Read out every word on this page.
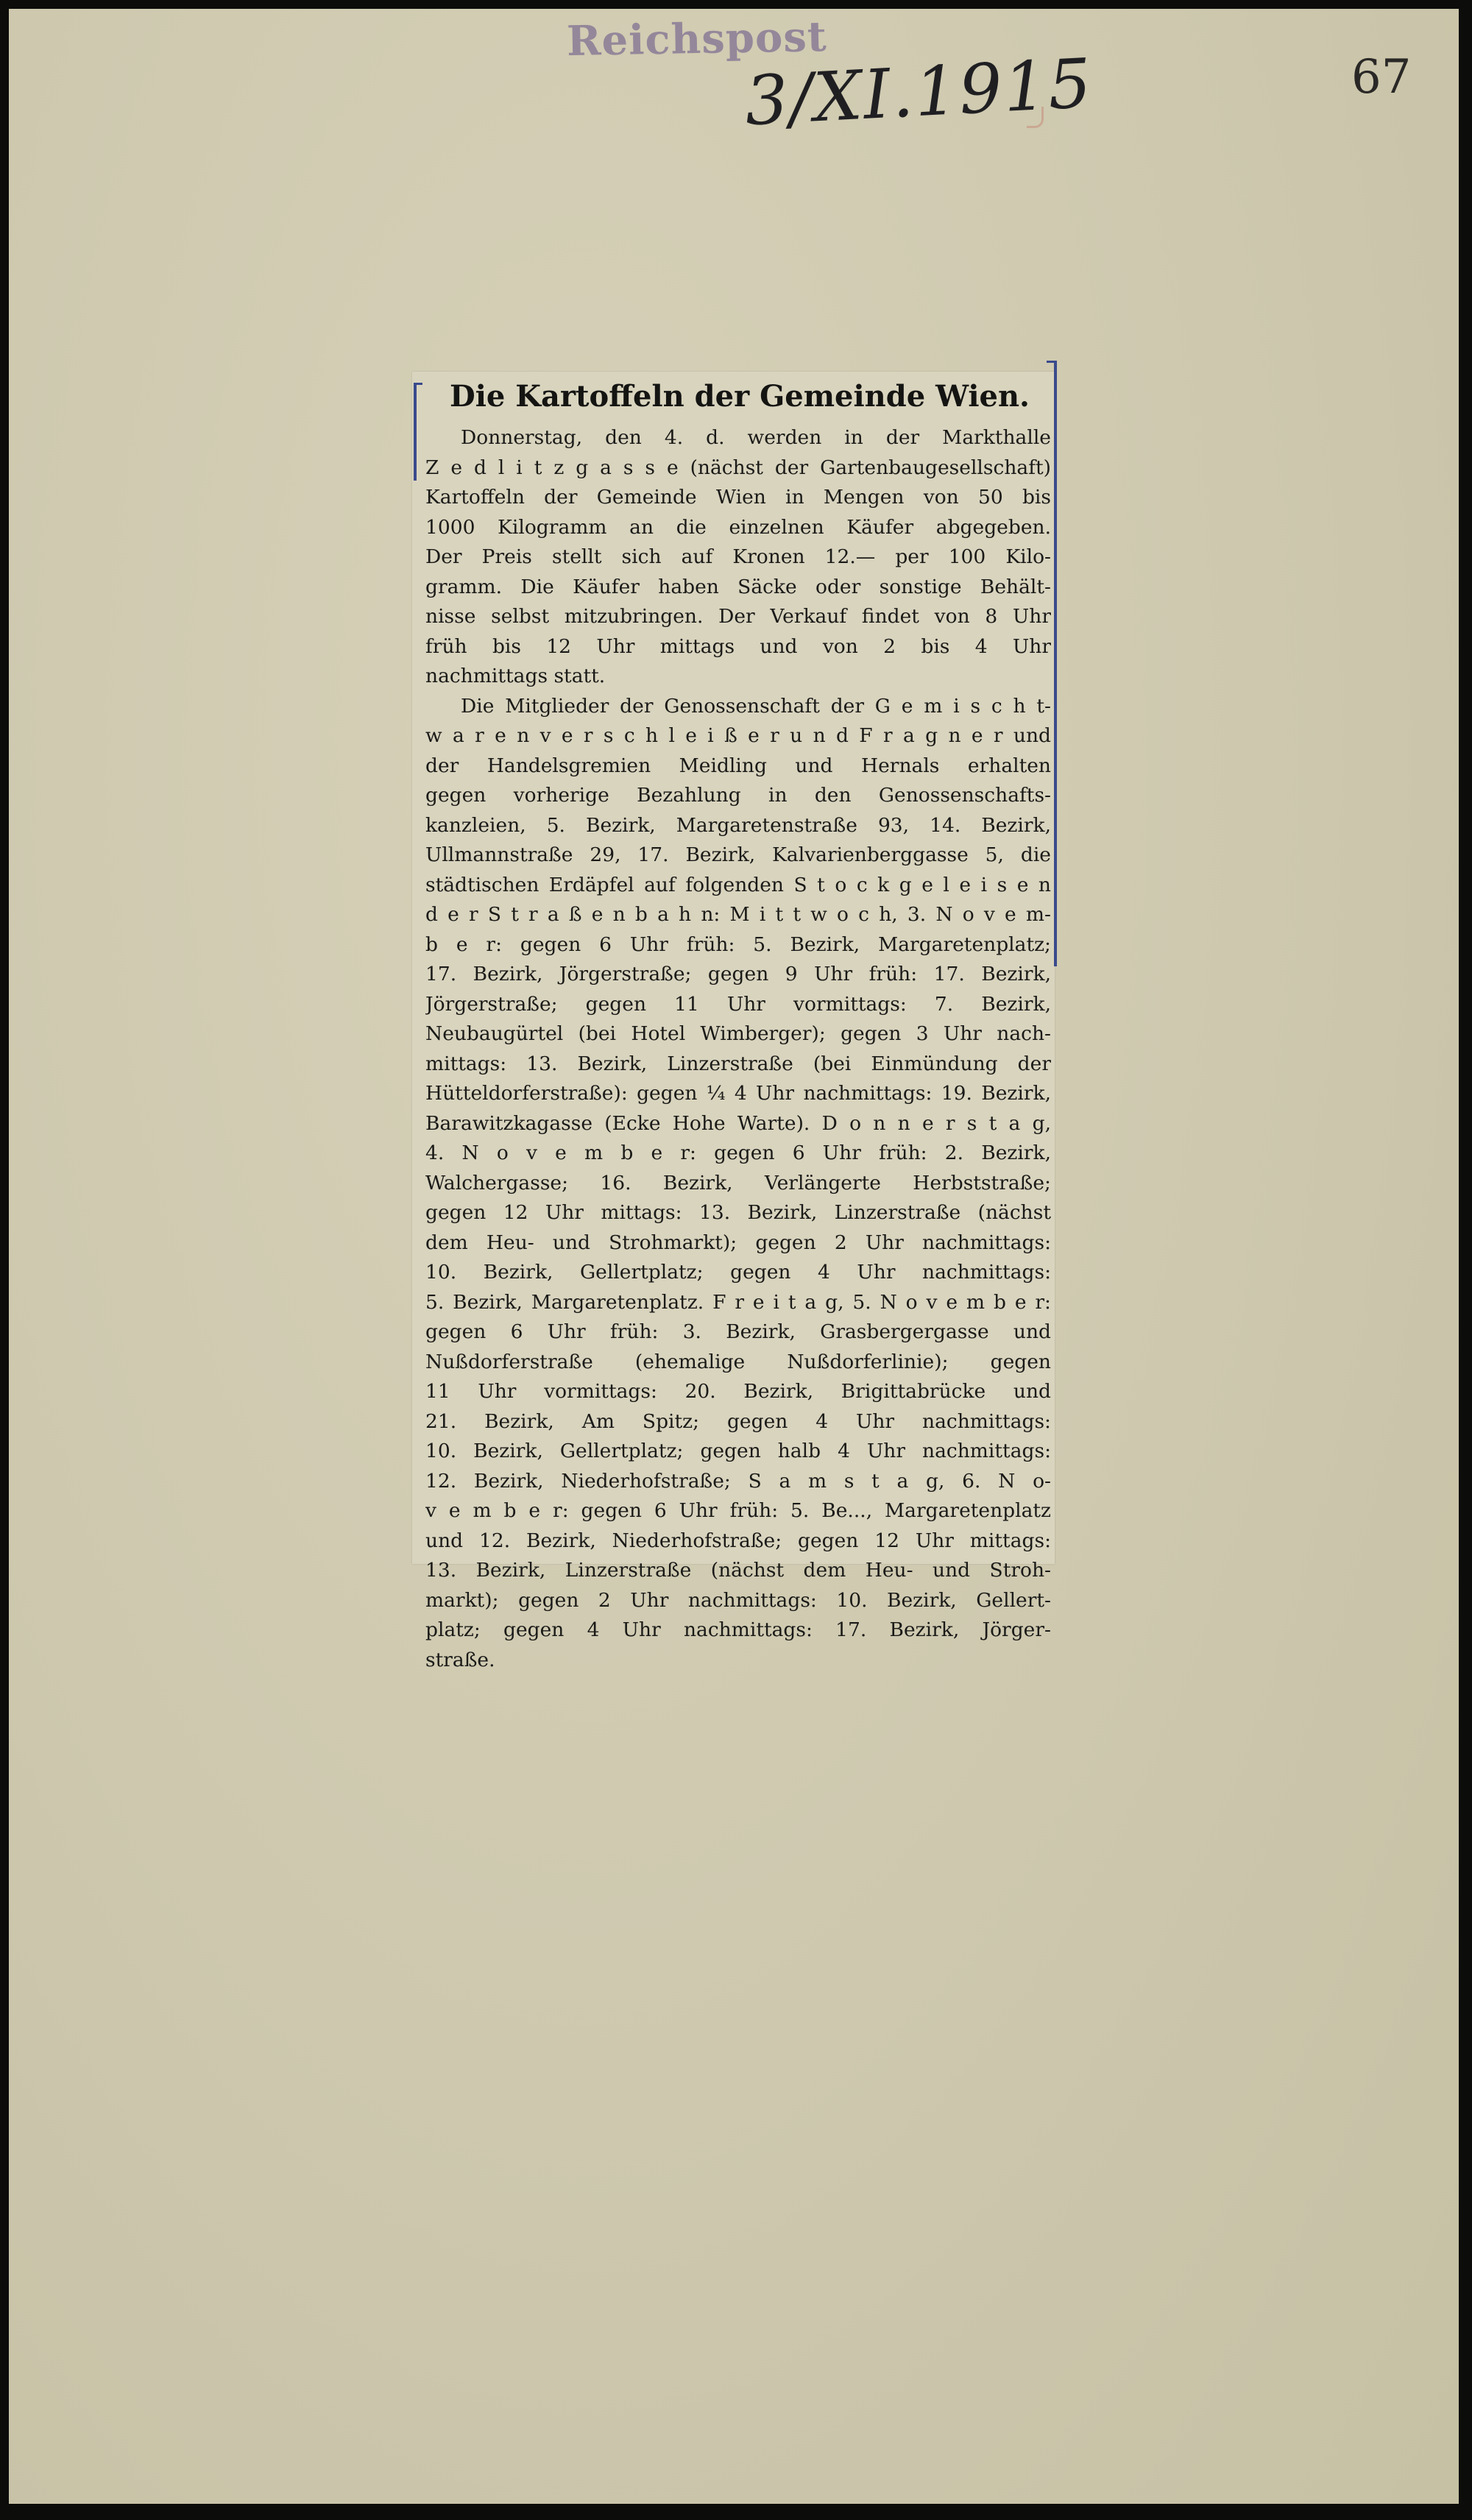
Reichspost
3/XI.1915	67
Die Kartoffeln der Gemeinde Wien.
Donnerstag, den 4. d. werden in der Markthalle
Z e d l i t z g a s s e (nächst der Gartenbaugesellschaft)
Kartoffeln der Gemeinde Wien in Mengen von 50 bis
1000 Kilogramm an die einzelnen Käufer abgegeben.
Der Preis stellt sich auf Kronen 12.— per 100 Kilo-
gramm. Die Käufer haben Säcke oder sonstige Behält-
nisse selbst mitzubringen. Der Verkauf findet von 8 Uhr
früh bis 12 Uhr mittags und von 2 bis 4 Uhr
nachmittags statt.
Die Mitglieder der Genossenschaft der G e m i s c h t-
w a r e n v e r s c h l e i ß e r u n d F r a g n e r und
der Handelsgremien Meidling und Hernals erhalten
gegen vorherige Bezahlung in den Genossenschafts-
kanzleien, 5. Bezirk, Margaretenstraße 93, 14. Bezirk,
Ullmannstraße 29, 17. Bezirk, Kalvarienberggasse 5, die
städtischen Erdäpfel auf folgenden S t o c k g e l e i s e n
d e r S t r a ß e n b a h n: M i t t w o c h, 3. N o v e m-
b e r: gegen 6 Uhr früh: 5. Bezirk, Margaretenplatz;
17. Bezirk, Jörgerstraße; gegen 9 Uhr früh: 17. Bezirk,
Jörgerstraße; gegen 11 Uhr vormittags: 7. Bezirk,
Neubaugürtel (bei Hotel Wimberger); gegen 3 Uhr nach-
mittags: 13. Bezirk, Linzerstraße (bei Einmündung der
Hütteldorferstraße): gegen ¼ 4 Uhr nachmittags: 19. Bezirk,
Barawitzkagasse (Ecke Hohe Warte). D o n n e r s t a g,
4. N o v e m b e r: gegen 6 Uhr früh: 2. Bezirk,
Walchergasse; 16. Bezirk, Verlängerte Herbststraße;
gegen 12 Uhr mittags: 13. Bezirk, Linzerstraße (nächst
dem Heu- und Strohmarkt); gegen 2 Uhr nachmittags:
10. Bezirk, Gellertplatz; gegen 4 Uhr nachmittags:
5. Bezirk, Margaretenplatz. F r e i t a g, 5. N o v e m b e r:
gegen 6 Uhr früh: 3. Bezirk, Grasbergergasse und
Nußdorferstraße (ehemalige Nußdorferlinie); gegen
11 Uhr vormittags: 20. Bezirk, Brigittabrücke und
21. Bezirk, Am Spitz; gegen 4 Uhr nachmittags:
10. Bezirk, Gellertplatz; gegen halb 4 Uhr nachmittags:
12. Bezirk, Niederhofstraße; S a m s t a g, 6. N o-
v e m b e r: gegen 6 Uhr früh: 5. Be..., Margaretenplatz
und 12. Bezirk, Niederhofstraße; gegen 12 Uhr mittags:
13. Bezirk, Linzerstraße (nächst dem Heu- und Stroh-
markt); gegen 2 Uhr nachmittags: 10. Bezirk, Gellert-
platz; gegen 4 Uhr nachmittags: 17. Bezirk, Jörger-
straße.
